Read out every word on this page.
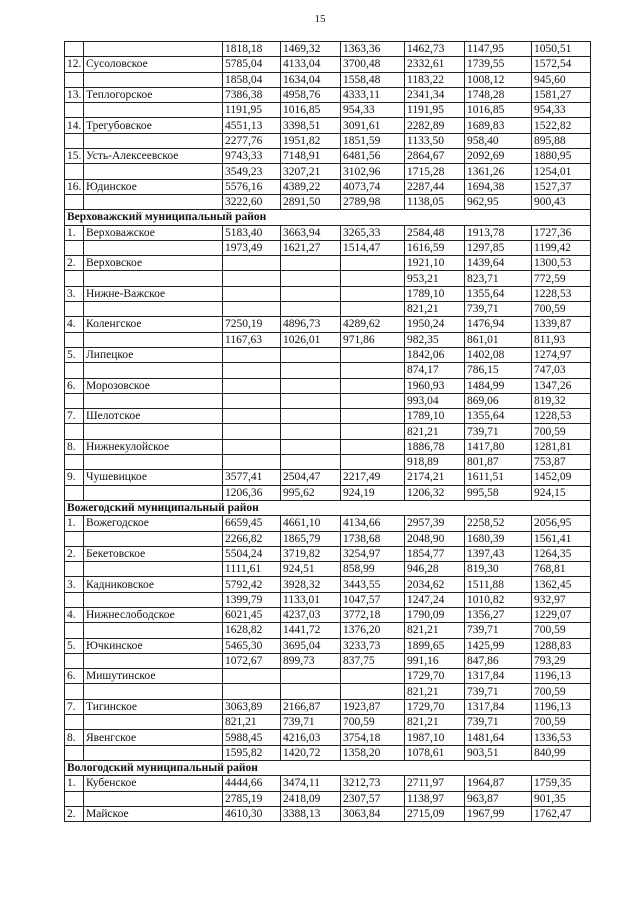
15
		1818,18	1469,32	1363,36	1462,73	1147,95	1050,51
12.	Сусоловское	5785,04	4133,04	3700,48	2332,61	1739,55	1572,54
		1858,04	1634,04	1558,48	1183,22	1008,12	945,60
13.	Теплогорское	7386,38	4958,76	4333,11	2341,34	1748,28	1581,27
		1191,95	1016,85	954,33	1191,95	1016,85	954,33
14.	Трегубовское	4551,13	3398,51	3091,61	2282,89	1689,83	1522,82
		2277,76	1951,82	1851,59	1133,50	958,40	895,88
15.	Усть-Алексеевское	9743,33	7148,91	6481,56	2864,67	2092,69	1880,95
		3549,23	3207,21	3102,96	1715,28	1361,26	1254,01
16.	Юдинское	5576,16	4389,22	4073,74	2287,44	1694,38	1527,37
		3222,60	2891,50	2789,98	1138,05	962,95	900,43
Верховажский муниципальный район							
1.	Верховажское	5183,40	3663,94	3265,33	2584,48	1913,78	1727,36
		1973,49	1621,27	1514,47	1616,59	1297,85	1199,42
2.	Верховское				1921,10	1439,64	1300,53
					953,21	823,71	772,59
3.	Нижне-Важское				1789,10	1355,64	1228,53
					821,21	739,71	700,59
4.	Коленгское	7250,19	4896,73	4289,62	1950,24	1476,94	1339,87
		1167,63	1026,01	971,86	982,35	861,01	811,93
5.	Липецкое				1842,06	1402,08	1274,97
					874,17	786,15	747,03
6.	Морозовское				1960,93	1484,99	1347,26
					993,04	869,06	819,32
7.	Шелотское				1789,10	1355,64	1228,53
					821,21	739,71	700,59
8.	Нижнекулойское				1886,78	1417,80	1281,81
					918,89	801,87	753,87
9.	Чушевицкое	3577,41	2504,47	2217,49	2174,21	1611,51	1452,09
		1206,36	995,62	924,19	1206,32	995,58	924,15
Вожегодский муниципальный район							
1.	Вожегодское	6659,45	4661,10	4134,66	2957,39	2258,52	2056,95
		2266,82	1865,79	1738,68	2048,90	1680,39	1561,41
2.	Бекетовское	5504,24	3719,82	3254,97	1854,77	1397,43	1264,35
		1111,61	924,51	858,99	946,28	819,30	768,81
3.	Кадниковское	5792,42	3928,32	3443,55	2034,62	1511,88	1362,45
		1399,79	1133,01	1047,57	1247,24	1010,82	932,97
4.	Нижнеслободское	6021,45	4237,03	3772,18	1790,09	1356,27	1229,07
		1628,82	1441,72	1376,20	821,21	739,71	700,59
5.	Ючкинское	5465,30	3695,04	3233,73	1899,65	1425,99	1288,83
		1072,67	899,73	837,75	991,16	847,86	793,29
6.	Мишутинское				1729,70	1317,84	1196,13
					821,21	739,71	700,59
7.	Тигинское	3063,89	2166,87	1923,87	1729,70	1317,84	1196,13
		821,21	739,71	700,59	821,21	739,71	700,59
8.	Явенгское	5988,45	4216,03	3754,18	1987,10	1481,64	1336,53
		1595,82	1420,72	1358,20	1078,61	903,51	840,99
Вологодский муниципальный район							
1.	Кубенское	4444,66	3474,11	3212,73	2711,97	1964,87	1759,35
		2785,19	2418,09	2307,57	1138,97	963,87	901,35
2.	Майское	4610,30	3388,13	3063,84	2715,09	1967,99	1762,47
